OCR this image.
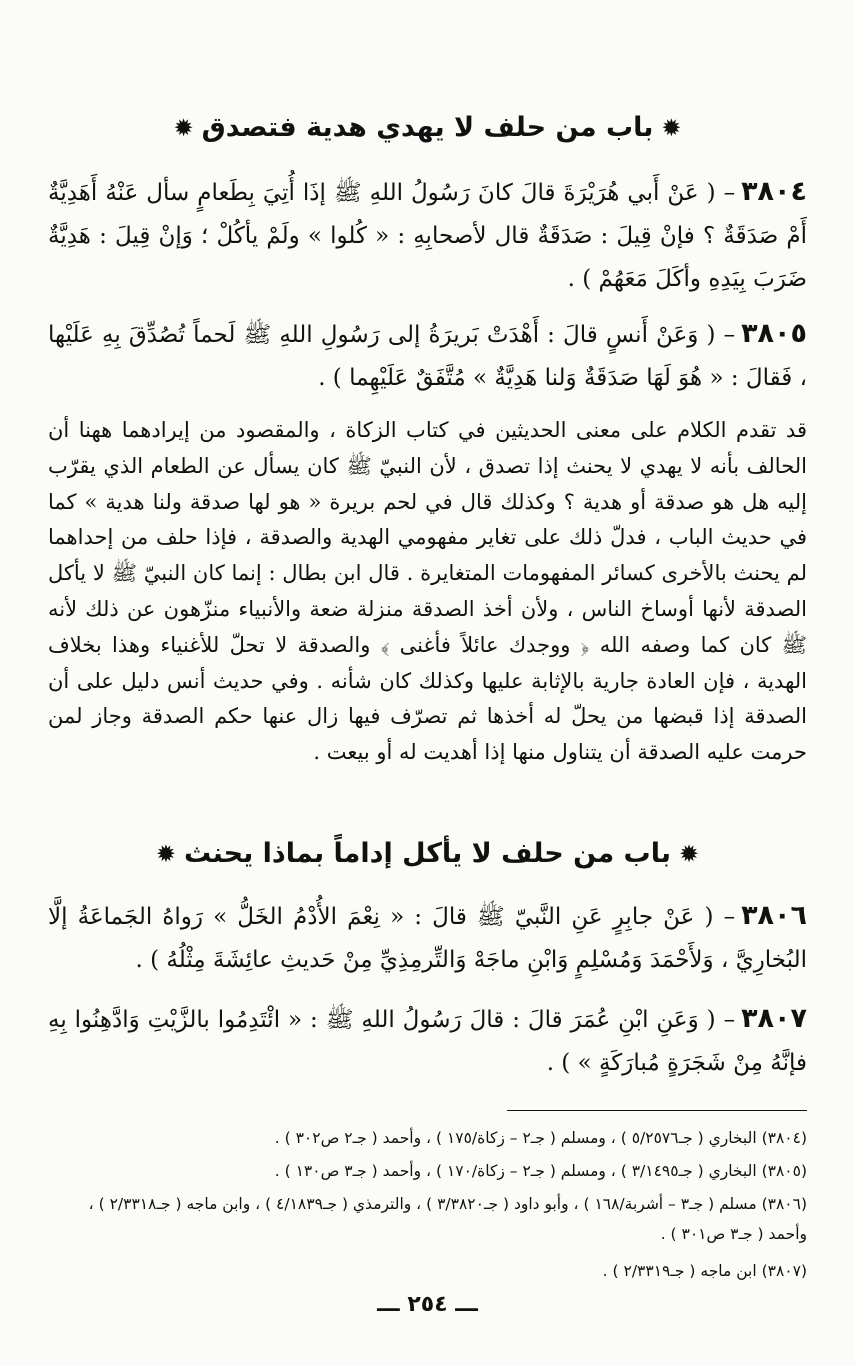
✹باب من حلف لا يهدي هدية فتصدق✹
٣٨٠٤– ( عَنْ أَبي هُرَيْرَةَ قالَ كانَ رَسُولُ اللهِ ﷺ إذَا أُتِيَ بِطَعامٍ سأل عَنْهُ أَهَدِيَّةٌ أَمْ صَدَقَةٌ ؟ فإنْ قِيلَ : صَدَقَةٌ قال لأصحابِهِ : « كُلوا » ولَمْ يأكُلْ ؛ وَإنْ قِيلَ : هَدِيَّةٌ ضَرَبَ بِيَدِهِ وأكَلَ مَعَهُمْ ) .
٣٨٠٥– ( وَعَنْ أَنسٍ قالَ : أَهْدَتْ بَريرَةُ إلى رَسُولِ اللهِ ﷺ لَحماً تُصُدِّقَ بِهِ عَلَيْها ، فَقالَ : « هُوَ لَهَا صَدَقَةٌ وَلنا هَدِيَّةٌ » مُتَّفَقٌ عَلَيْهِما ) .
قد تقدم الكلام على معنى الحديثين في كتاب الزكاة ، والمقصود من إيرادهما ههنا أن الحالف بأنه لا يهدي لا يحنث إذا تصدق ، لأن النبيّ ﷺ كان يسأل عن الطعام الذي يقرّب إليه هل هو صدقة أو هدية ؟ وكذلك قال في لحم بريرة « هو لها صدقة ولنا هدية » كما في حديث الباب ، فدلّ ذلك على تغاير مفهومي الهدية والصدقة ، فإذا حلف من إحداهما لم يحنث بالأخرى كسائر المفهومات المتغايرة . قال ابن بطال : إنما كان النبيّ ﷺ لا يأكل الصدقة لأنها أوساخ الناس ، ولأن أخذ الصدقة منزلة ضعة والأنبياء منزّهون عن ذلك لأنه ﷺ كان كما وصفه الله ﴿ ووجدك عائلاً فأغنى ﴾ والصدقة لا تحلّ للأغنياء وهذا بخلاف الهدية ، فإن العادة جارية بالإثابة عليها وكذلك كان شأنه . وفي حديث أنس دليل على أن الصدقة إذا قبضها من يحلّ له أخذها ثم تصرّف فيها زال عنها حكم الصدقة وجاز لمن حرمت عليه الصدقة أن يتناول منها إذا أهديت له أو بيعت .
✹باب من حلف لا يأكل إداماً بماذا يحنث✹
٣٨٠٦– ( عَنْ جابِرٍ عَنِ النَّبيّ ﷺ قالَ : « نِعْمَ الأُدْمُ الخَلُّ » رَواهُ الجَماعَةُ إلَّا البُخارِيَّ ، وَلأَحْمَدَ وَمُسْلِمٍ وَابْنِ ماجَهْ وَالتِّرمِذِيِّ مِنْ حَديثِ عائِشَةَ مِثْلُهُ ) .
٣٨٠٧– ( وَعَنِ ابْنِ عُمَرَ قالَ : قالَ رَسُولُ اللهِ ﷺ : « ائْتَدِمُوا بالزَّيْتِ وَادَّهِنُوا بِهِ فإنَّهُ مِنْ شَجَرَةٍ مُبارَكَةٍ » ) .
(٣٨٠٤) البخاري ( جـ٥/٢٥٧٦ ) ، ومسلم ( جـ٢ – زكاة/١٧٥ ) ، وأحمد ( جـ٢ ص٣٠٢ ) .
(٣٨٠٥) البخاري ( جـ٣/١٤٩٥ ) ، ومسلم ( جـ٢ – زكاة/١٧٠ ) ، وأحمد ( جـ٣ ص١٣٠ ) .
(٣٨٠٦) مسلم ( جـ٣ – أشربة/١٦٨ ) ، وأبو داود ( جـ٣/٣٨٢٠ ) ، والترمذي ( جـ٤/١٨٣٩ ) ، وابن ماجه ( جـ٢/٣٣١٨ ) ، وأحمد ( جـ٣ ص٣٠١ ) .
(٣٨٠٧) ابن ماجه ( جـ٢/٣٣١٩ ) .
ـــ ٢٥٤ ـــ
